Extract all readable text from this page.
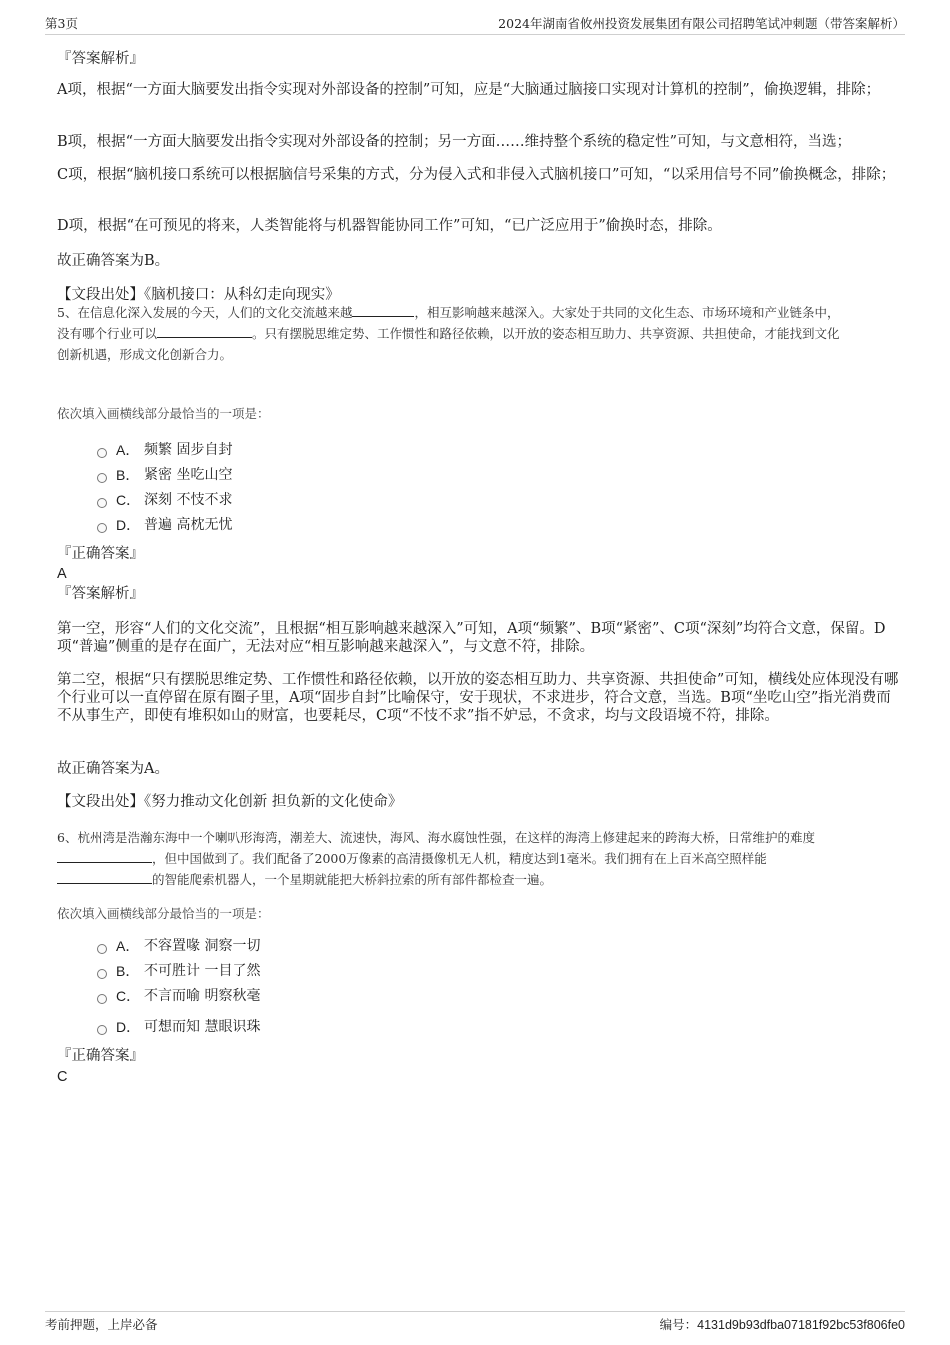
第3页	2024年湖南省攸州投资发展集团有限公司招聘笔试冲刺题（带答案解析）
『答案解析』

A项，根据“一方面大脑要发出指令实现对外部设备的控制”可知，应是“大脑通过脑接口实现对计算机的控制”，偷换逻辑，排除；

B项，根据“一方面大脑要发出指令实现对外部设备的控制；另一方面……维持整个系统的稳定性”可知，与文意相符，当选；

C项，根据“脑机接口系统可以根据脑信号采集的方式，分为侵入式和非侵入式脑机接口”可知，“以采用信号不同”偷换概念，排除；

D项，根据“在可预见的将来，人类智能将与机器智能协同工作”可知，“已广泛应用于”偷换时态，排除。

故正确答案为B。

【文段出处】《脑机接口：从科幻走向现实》

5、在信息化深入发展的今天，人们的文化交流越来越	，相互影响越来越深入。大家处于共同的文化生态、市场环境和产业链条中，
没有哪个行业可以	。只有摆脱思维定势、工作惯性和路径依赖，以开放的姿态相互助力、共享资源、共担使命，才能找到文化
创新机遇，形成文化创新合力。
依次填入画横线部分最恰当的一项是：
A． 频繁 固步自封
B． 紧密 坐吃山空
C． 深刻 不忮不求
D． 普遍 高枕无忧
『正确答案』
A
『答案解析』

第一空，形容“人们的文化交流”，且根据“相互影响越来越深入”可知，A项“频繁”、B项“紧密”、C项“深刻”均符合文意，保留。D项“普遍”侧重的是存在面广，无法对应“相互影响越来越深入”，与文意不符，排除。

第二空，根据“只有摆脱思维定势、工作惯性和路径依赖，以开放的姿态相互助力、共享资源、共担使命”可知，横线处应体现没有哪个行业可以一直停留在原有圈子里，A项“固步自封”比喻保守，安于现状，不求进步，符合文意，当选。B项“坐吃山空”指光消费而不从事生产，即使有堆积如山的财富，也要耗尽，C项“不忮不求”指不妒忌，不贪求，均与文段语境不符，排除。

故正确答案为A。

【文段出处】《努力推动文化创新 担负新的文化使命》

6、杭州湾是浩瀚东海中一个喇叭形海湾，潮差大、流速快，海风、海水腐蚀性强，在这样的海湾上修建起来的跨海大桥，日常维护的难度
，但中国做到了。我们配备了2000万像素的高清摄像机无人机，精度达到1毫米。我们拥有在上百米高空照样能
的智能爬索机器人，一个星期就能把大桥斜拉索的所有部件都检查一遍。
依次填入画横线部分最恰当的一项是：
A． 不容置喙 洞察一切
B． 不可胜计 一目了然
C． 不言而喻 明察秋毫
D． 可想而知 慧眼识珠
『正确答案』
C
考前押题，上岸必备	编号：4131d9b93dfba07181f92bc53f806fe0
